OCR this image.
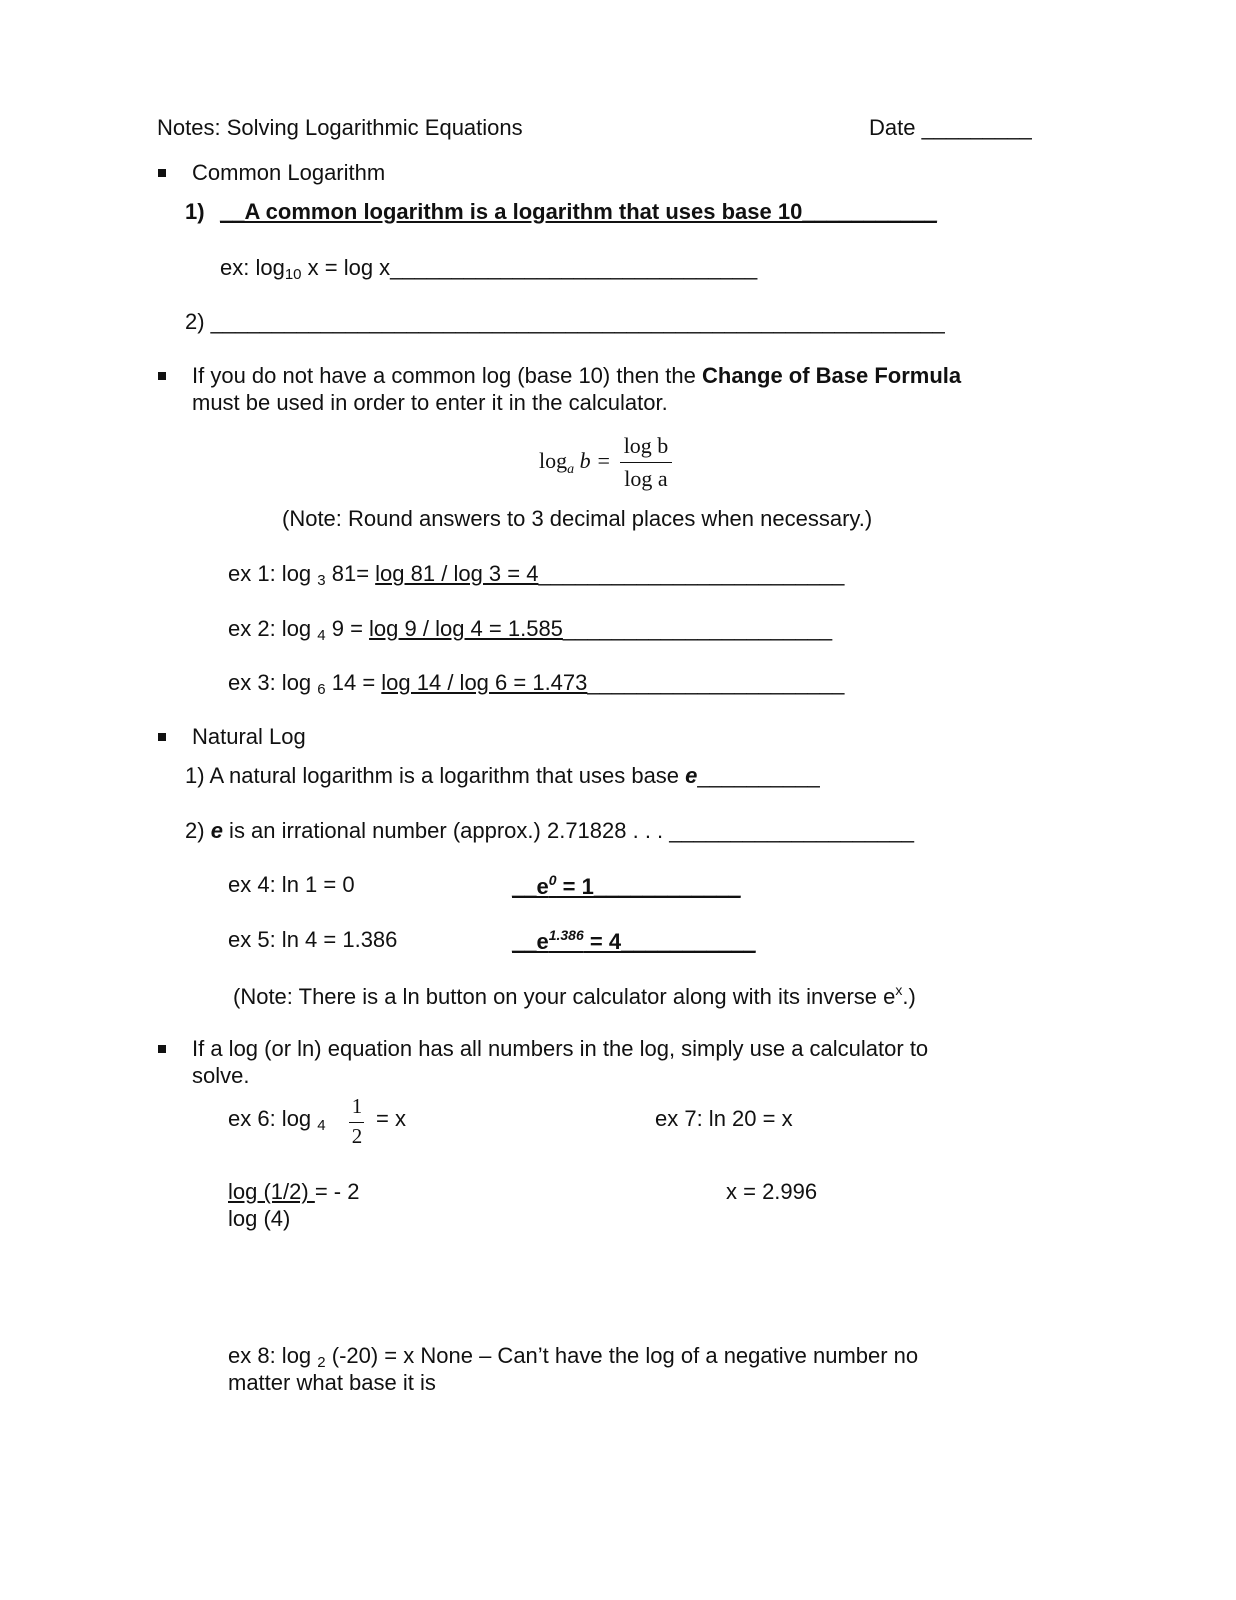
Notes: Solving Logarithmic Equations	Date _________
Common Logarithm
1) __A common logarithm is a logarithm that uses base 10___________
ex: $\log_{10} x = \log$ x______________________________
2) ____________________________________________________________
If you do not have a common log (base 10) then the Change of Base Formula
must be used in order to enter it in the calculator.
$\log_a b$ =
log b
log a
(Note: Round answers to 3 decimal places when necessary.)
ex 1: log $_3$ 81= log 81 / log 3 = 4_________________________
ex 2: log $_4$ 9 = log 9 / log 4 = 1.585______________________
ex 3: log $_6$ 14 = log 14 / log 6 = 1.473_____________________
Natural Log
1) A natural logarithm is a logarithm that uses base e__________
2) e is an irrational number (approx.) 2.71828 . . . ____________________
ex 4: ln 1 = 0	$\_\_e^0$ = 1____________
ex 5: ln 4 = 1.386	$\_\_e^{1.386}$ = 4___________
(Note: There is a ln button on your calculator along with its inverse $e^x$.)
If a log (or ln) equation has all numbers in the log, simply use a calculator to
solve.
ex 6: log $_4$
1
2
= x	ex 7: ln 20 = x
log (1/2) = - 2
log (4)
x = 2.996
ex 8: log $_2$ (-20) = x None – Can’t have the log of a negative number no
matter what base it is
